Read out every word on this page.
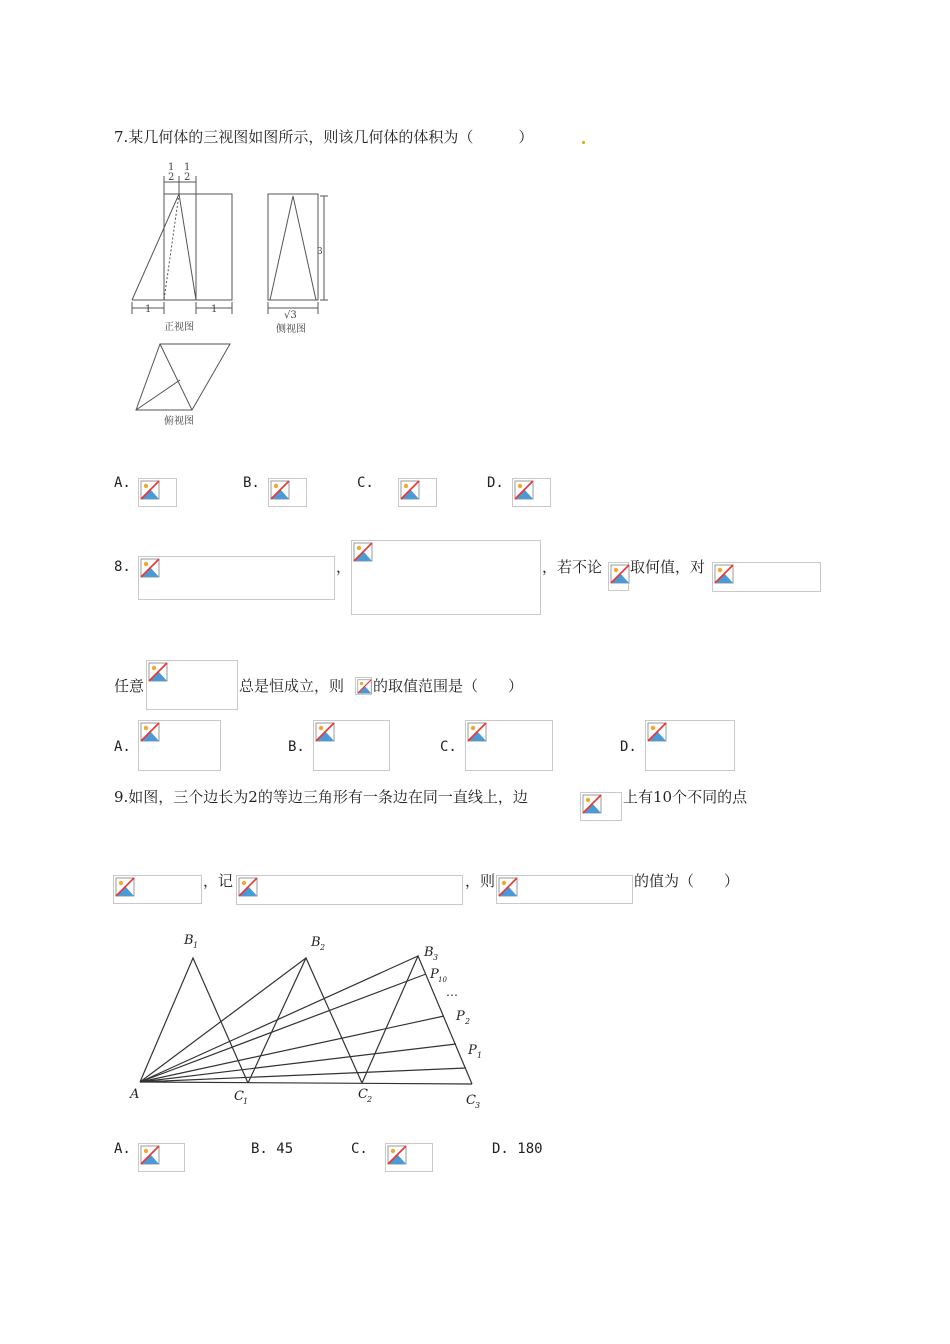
7.某几何体的三视图如图所示，则该几何体的体积为（　　　）
1
2
1
2
1	1
3
√3
正视图	侧视图
俯视图
A.	B.	C.	D.
8.	，	，若不论 取何值，对
任意	总是恒成立，则 的取值范围是（　　）
A.	B.	C.	D.
9.如图，三个边长为2的等边三角形有一条边在同一直线上，边	上有10个不同的点
，记	，则	的值为（　　）
A
B 1	B 2	B 3
P 10
…
P 2
P 1
C 1	C 2	C 3
A.	B. 45	C.	D. 180
